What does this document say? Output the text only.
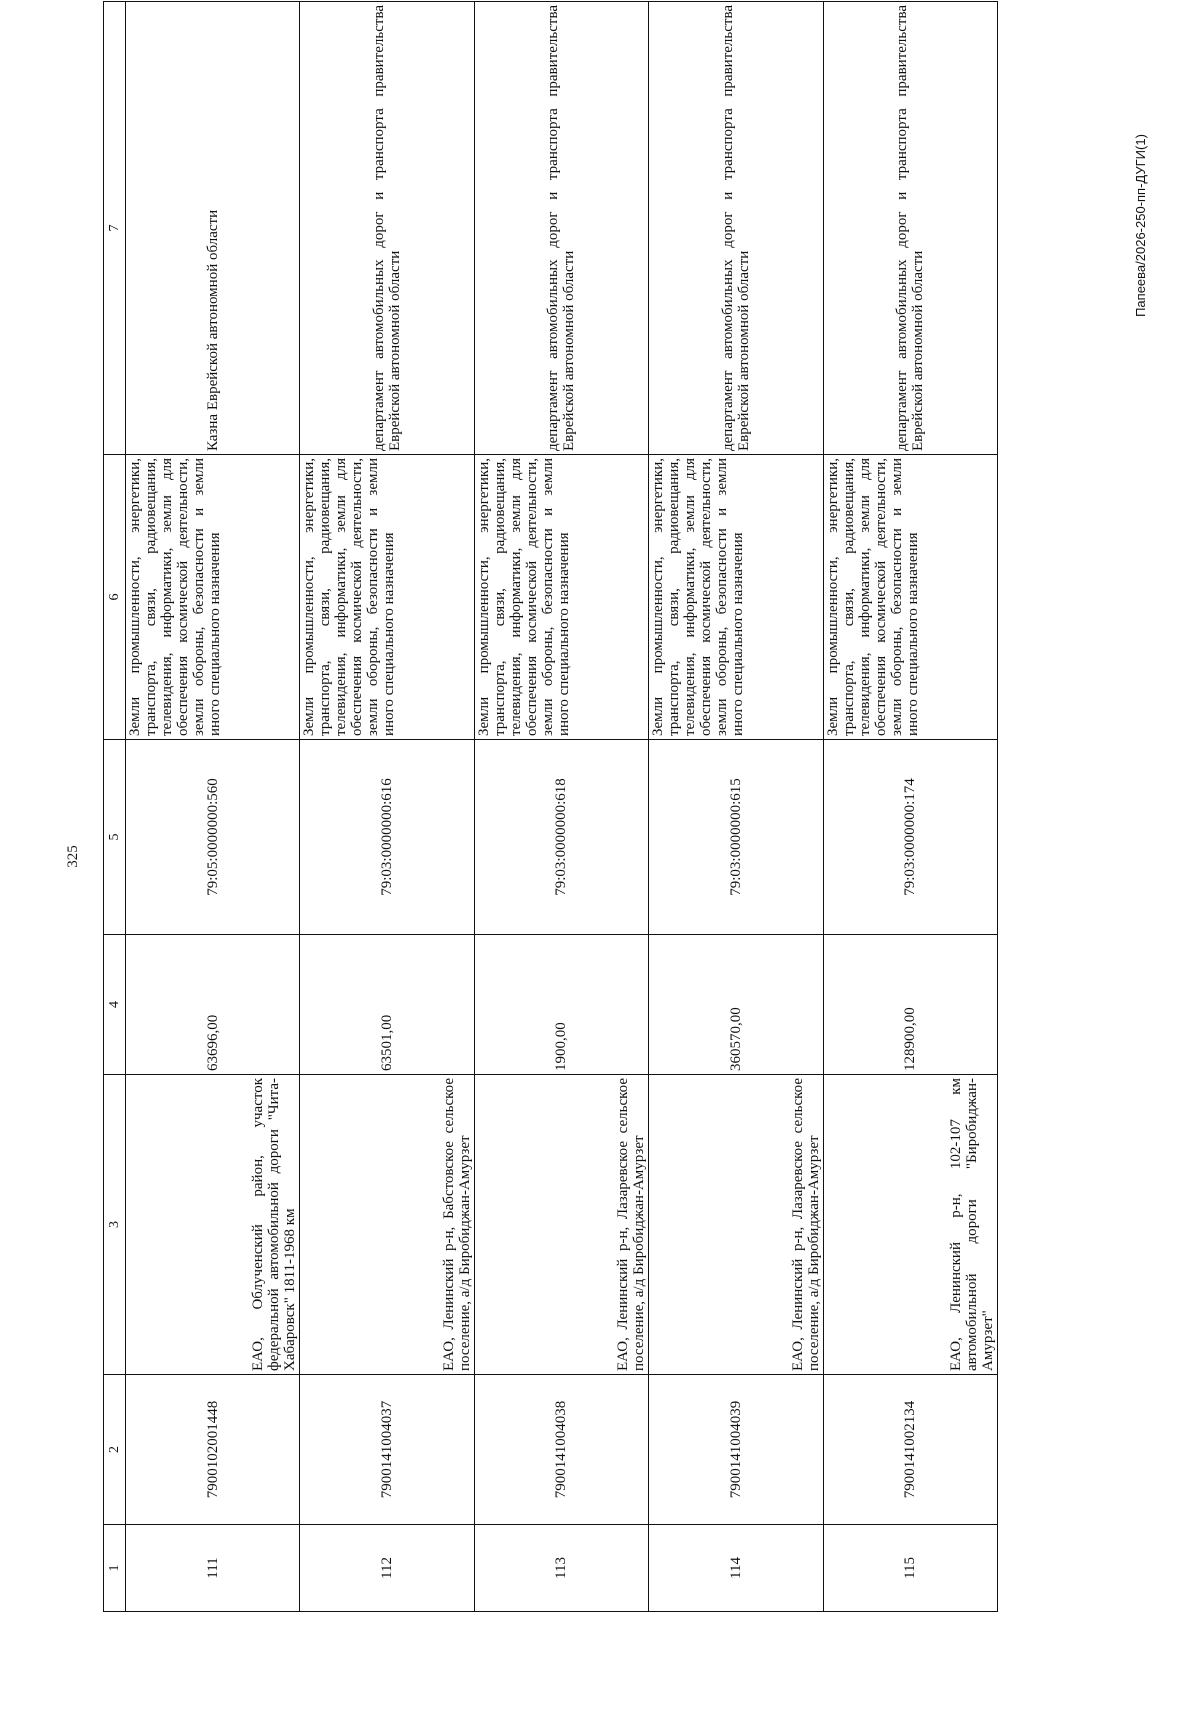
325
Папеева/2026-250-пп-ДУГИ(1)
1	2	3	4	5	6	7
111	7900102001448	ЕАО, Облученский район, участок федеральной автомобильной дороги "Чита-Хабаровск" 1811-1968 км	63696,00	79:05:0000000:560	Земли промышленности, энергетики, транспорта, связи, радиовещания, телевидения, информатики, земли для обеспечения космической деятельности, земли обороны, безопасности и земли иного специального назначения	Казна Еврейской автономной области
112	7900141004037	ЕАО, Ленинский р-н, Бабстовское сельское поселение, а/д Биробиджан-Амурзет	63501,00	79:03:0000000:616	Земли промышленности, энергетики, транспорта, связи, радиовещания, телевидения, информатики, земли для обеспечения космической деятельности, земли обороны, безопасности и земли иного специального назначения	департамент автомобильных дорог и транспорта правительства Еврейской автономной области
113	7900141004038	ЕАО, Ленинский р-н, Лазаревское сельское поселение, а/д Биробиджан-Амурзет	1900,00	79:03:0000000:618	Земли промышленности, энергетики, транспорта, связи, радиовещания, телевидения, информатики, земли для обеспечения космической деятельности, земли обороны, безопасности и земли иного специального назначения	департамент автомобильных дорог и транспорта правительства Еврейской автономной области
114	7900141004039	ЕАО, Ленинский р-н, Лазаревское сельское поселение, а/д Биробиджан-Амурзет	360570,00	79:03:0000000:615	Земли промышленности, энергетики, транспорта, связи, радиовещания, телевидения, информатики, земли для обеспечения космической деятельности, земли обороны, безопасности и земли иного специального назначения	департамент автомобильных дорог и транспорта правительства Еврейской автономной области
115	7900141002134	ЕАО, Ленинский р-н, 102-107 км автомобильной дороги "Биробиджан-Амурзет"	128900,00	79:03:0000000:174	Земли промышленности, энергетики, транспорта, связи, радиовещания, телевидения, информатики, земли для обеспечения космической деятельности, земли обороны, безопасности и земли иного специального назначения	департамент автомобильных дорог и транспорта правительства Еврейской автономной области
